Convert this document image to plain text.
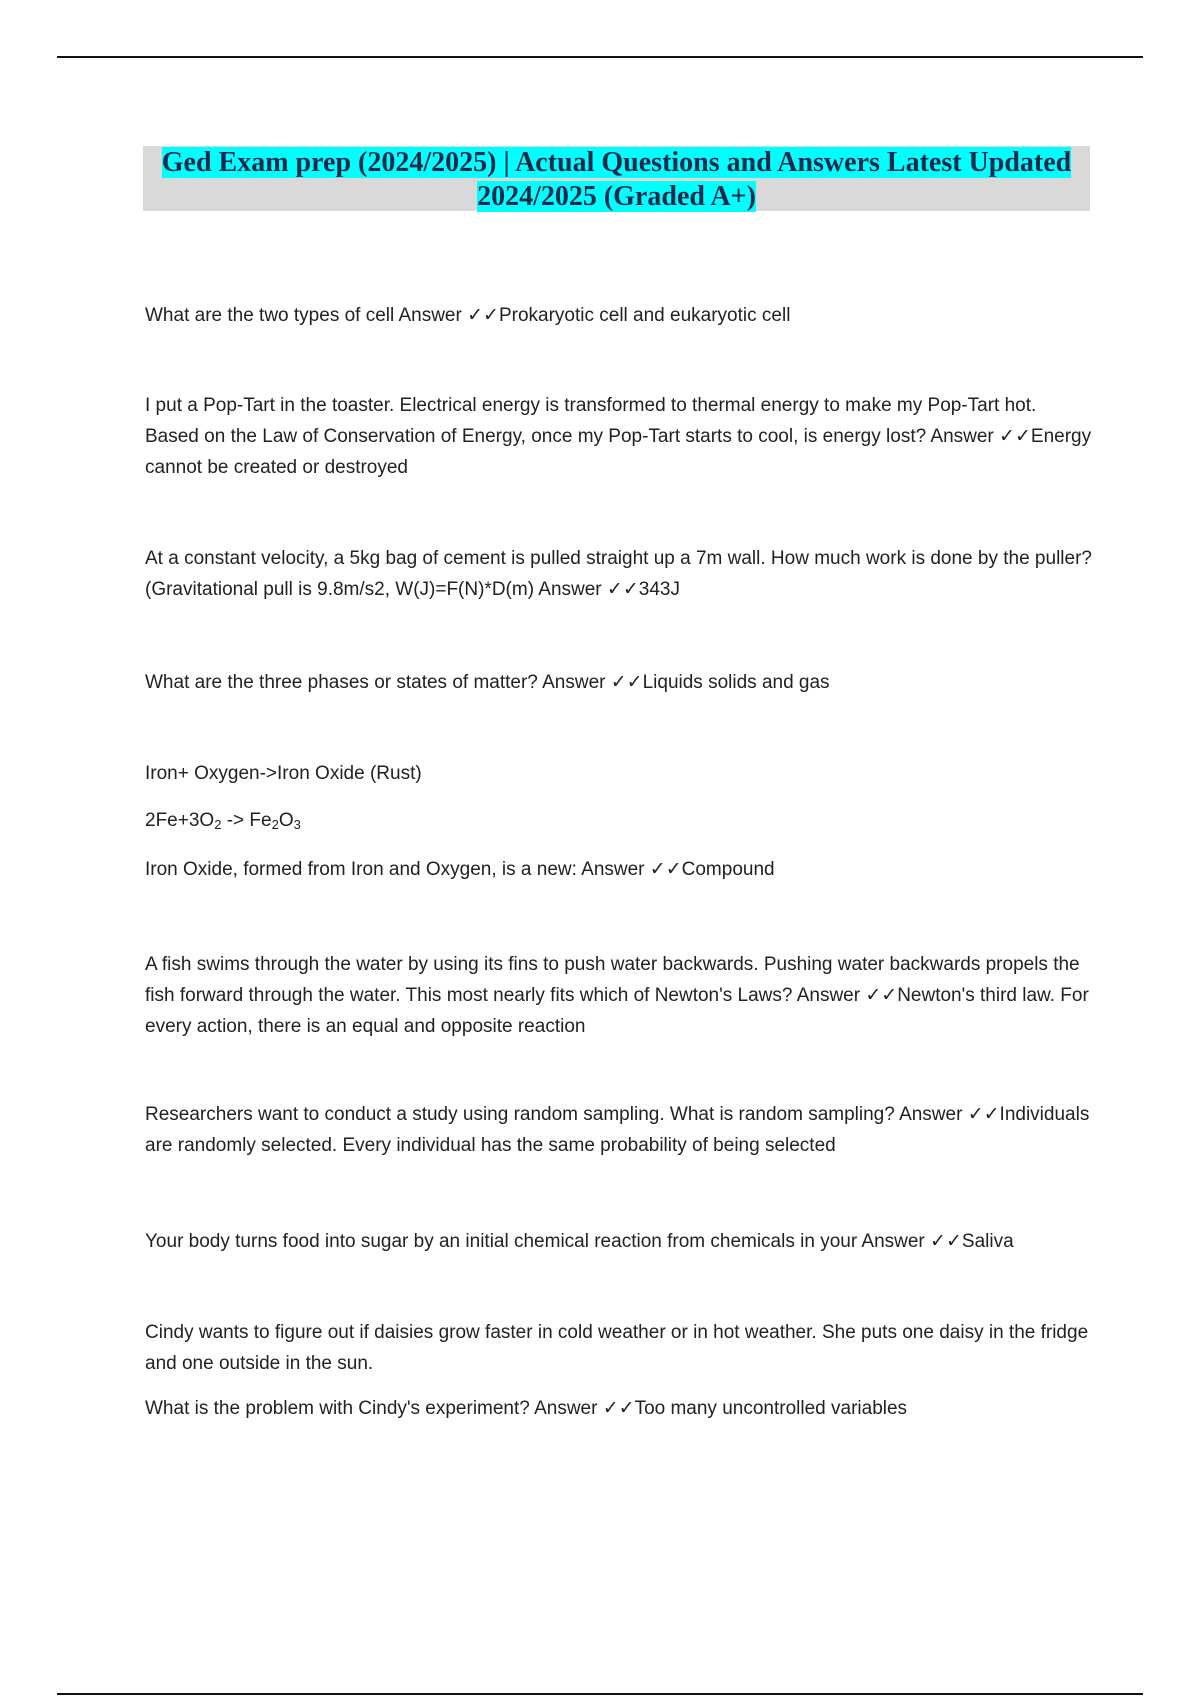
Ged Exam prep (2024/2025) | Actual Questions and Answers Latest Updated
2024/2025 (Graded A+)

What are the two types of cell Answer ✓✓Prokaryotic cell and eukaryotic cell

I put a Pop-Tart in the toaster. Electrical energy is transformed to thermal energy to make my Pop-Tart hot. Based on the Law of Conservation of Energy, once my Pop-Tart starts to cool, is energy lost? Answer ✓✓Energy cannot be created or destroyed

At a constant velocity, a 5kg bag of cement is pulled straight up a 7m wall. How much work is done by the puller? (Gravitational pull is 9.8m/s2, W(J)=F(N)*D(m) Answer ✓✓343J

What are the three phases or states of matter? Answer ✓✓Liquids solids and gas

Iron+ Oxygen->Iron Oxide (Rust)

$2Fe+3O_2 -> Fe_2O_3$

Iron Oxide, formed from Iron and Oxygen, is a new: Answer ✓✓Compound

A fish swims through the water by using its fins to push water backwards. Pushing water backwards propels the fish forward through the water. This most nearly fits which of Newton's Laws? Answer ✓✓Newton's third law. For every action, there is an equal and opposite reaction

Researchers want to conduct a study using random sampling. What is random sampling? Answer ✓✓Individuals are randomly selected. Every individual has the same probability of being selected

Your body turns food into sugar by an initial chemical reaction from chemicals in your Answer ✓✓Saliva

Cindy wants to figure out if daisies grow faster in cold weather or in hot weather. She puts one daisy in the fridge and one outside in the sun.

What is the problem with Cindy's experiment? Answer ✓✓Too many uncontrolled variables
